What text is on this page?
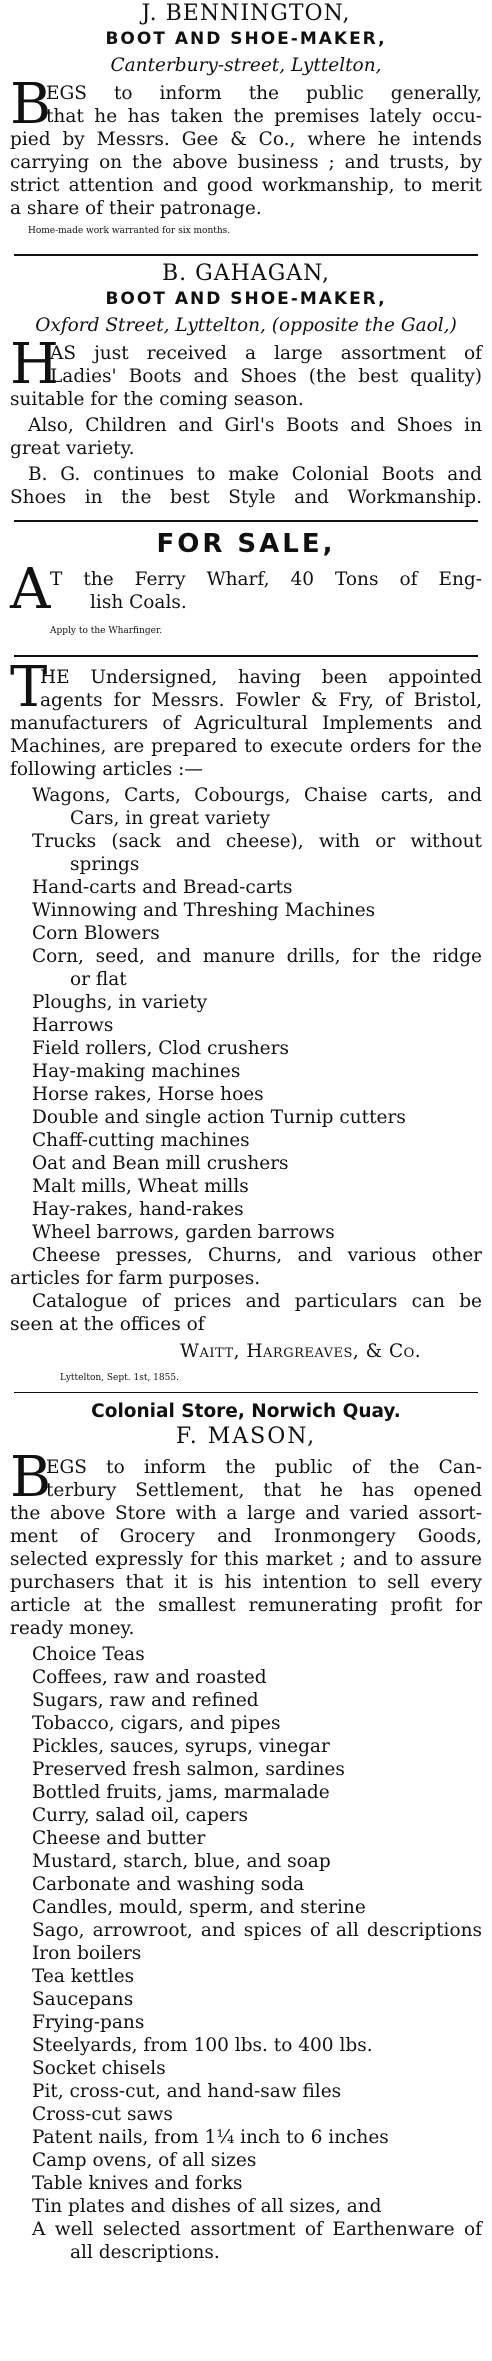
J. BENNINGTON,
BOOT AND SHOE-MAKER,
Canterbury-street, Lyttelton,
B
EGS to inform the public generally,
that he has taken the premises lately occu-
pied by Messrs. Gee & Co., where he intends
carrying on the above business ; and trusts, by
strict attention and good workmanship, to merit
a share of their patronage.
Home-made work warranted for six months.
B. GAHAGAN,
BOOT AND SHOE-MAKER,
Oxford Street, Lyttelton, (opposite the Gaol,)
H
AS just received a large assortment of
Ladies' Boots and Shoes (the best quality)
suitable for the coming season.
Also, Children and Girl's Boots and Shoes in
great variety.
B. G. continues to make Colonial Boots and
Shoes in the best Style and Workmanship.
FOR SALE,
A T the Ferry Wharf, 40 Tons of Eng-
lish Coals.
Apply to the Wharfinger.
T
HE Undersigned, having been appointed
agents for Messrs. Fowler & Fry, of Bristol,
manufacturers of Agricultural Implements and
Machines, are prepared to execute orders for the
following articles :—
Wagons, Carts, Cobourgs, Chaise carts, and
Cars, in great variety
Trucks (sack and cheese), with or without
springs
Hand-carts and Bread-carts
Winnowing and Threshing Machines
Corn Blowers
Corn, seed, and manure drills, for the ridge
or flat
Ploughs, in variety
Harrows
Field rollers, Clod crushers
Hay-making machines
Horse rakes, Horse hoes
Double and single action Turnip cutters
Chaff-cutting machines
Oat and Bean mill crushers
Malt mills, Wheat mills
Hay-rakes, hand-rakes
Wheel barrows, garden barrows
Cheese presses, Churns, and various other
articles for farm purposes.
Catalogue of prices and particulars can be
seen at the offices of
Waitt, Hargreaves, & Co.
Lyttelton, Sept. 1st, 1855.
Colonial Store, Norwich Quay.
F. MASON,
B
EGS to inform the public of the Can-
terbury Settlement, that he has opened
the above Store with a large and varied assort-
ment of Grocery and Ironmongery Goods,
selected expressly for this market ; and to assure
purchasers that it is his intention to sell every
article at the smallest remunerating profit for
ready money.
Choice Teas
Coffees, raw and roasted
Sugars, raw and refined
Tobacco, cigars, and pipes
Pickles, sauces, syrups, vinegar
Preserved fresh salmon, sardines
Bottled fruits, jams, marmalade
Curry, salad oil, capers
Cheese and butter
Mustard, starch, blue, and soap
Carbonate and washing soda
Candles, mould, sperm, and sterine
Sago, arrowroot, and spices of all descriptions
Iron boilers
Tea kettles
Saucepans
Frying-pans
Steelyards, from 100 lbs. to 400 lbs.
Socket chisels
Pit, cross-cut, and hand-saw files
Cross-cut saws
Patent nails, from 1¼ inch to 6 inches
Camp ovens, of all sizes
Table knives and forks
Tin plates and dishes of all sizes, and
A well selected assortment of Earthenware of
all descriptions.
